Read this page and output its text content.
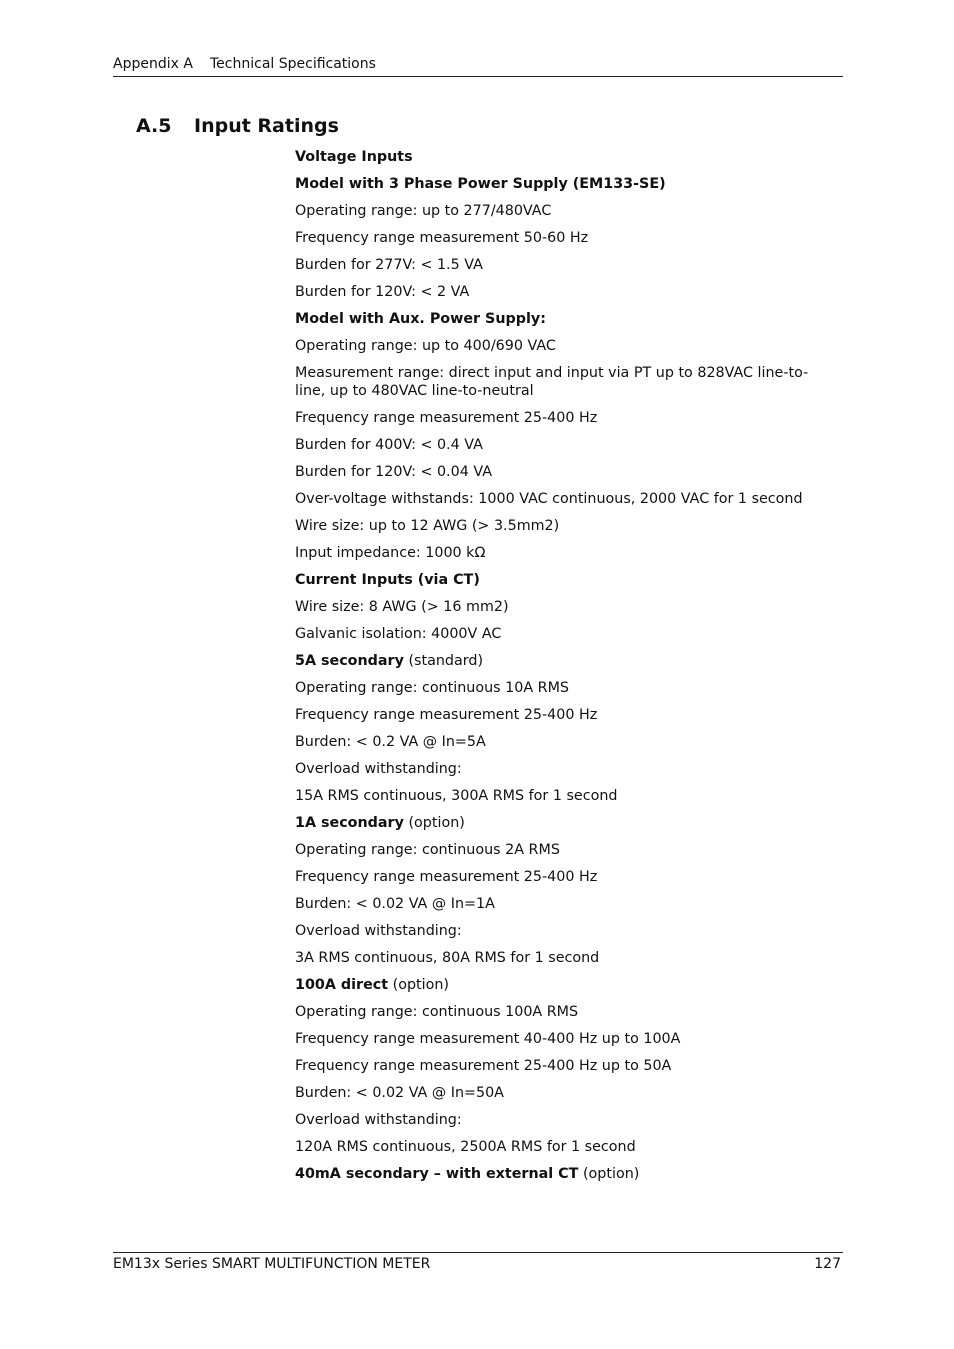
Appendix A Technical Specifications
A.5 Input Ratings

Voltage Inputs

Model with 3 Phase Power Supply (EM133-SE)

Operating range: up to 277/480VAC

Frequency range measurement 50-60 Hz

Burden for 277V: < 1.5 VA

Burden for 120V: < 2 VA

Model with Aux. Power Supply:

Operating range: up to 400/690 VAC

Measurement range: direct input and input via PT up to 828VAC line-to-line, up to 480VAC line-to-neutral

Frequency range measurement 25-400 Hz

Burden for 400V: < 0.4 VA

Burden for 120V: < 0.04 VA

Over-voltage withstands: 1000 VAC continuous, 2000 VAC for 1 second

Wire size: up to 12 AWG (> 3.5mm2)

Input impedance: 1000 kΩ

Current Inputs (via CT)

Wire size: 8 AWG (> 16 mm2)

Galvanic isolation: 4000V AC

5A secondary (standard)

Operating range: continuous 10A RMS

Frequency range measurement 25-400 Hz

Burden: < 0.2 VA @ In=5A

Overload withstanding:

15A RMS continuous, 300A RMS for 1 second

1A secondary (option)

Operating range: continuous 2A RMS

Frequency range measurement 25-400 Hz

Burden: < 0.02 VA @ In=1A

Overload withstanding:

3A RMS continuous, 80A RMS for 1 second

100A direct (option)

Operating range: continuous 100A RMS

Frequency range measurement 40-400 Hz up to 100A

Frequency range measurement 25-400 Hz up to 50A

Burden: < 0.02 VA @ In=50A

Overload withstanding:

120A RMS continuous, 2500A RMS for 1 second

40mA secondary – with external CT (option)

EM13x Series SMART MULTIFUNCTION METER	127
